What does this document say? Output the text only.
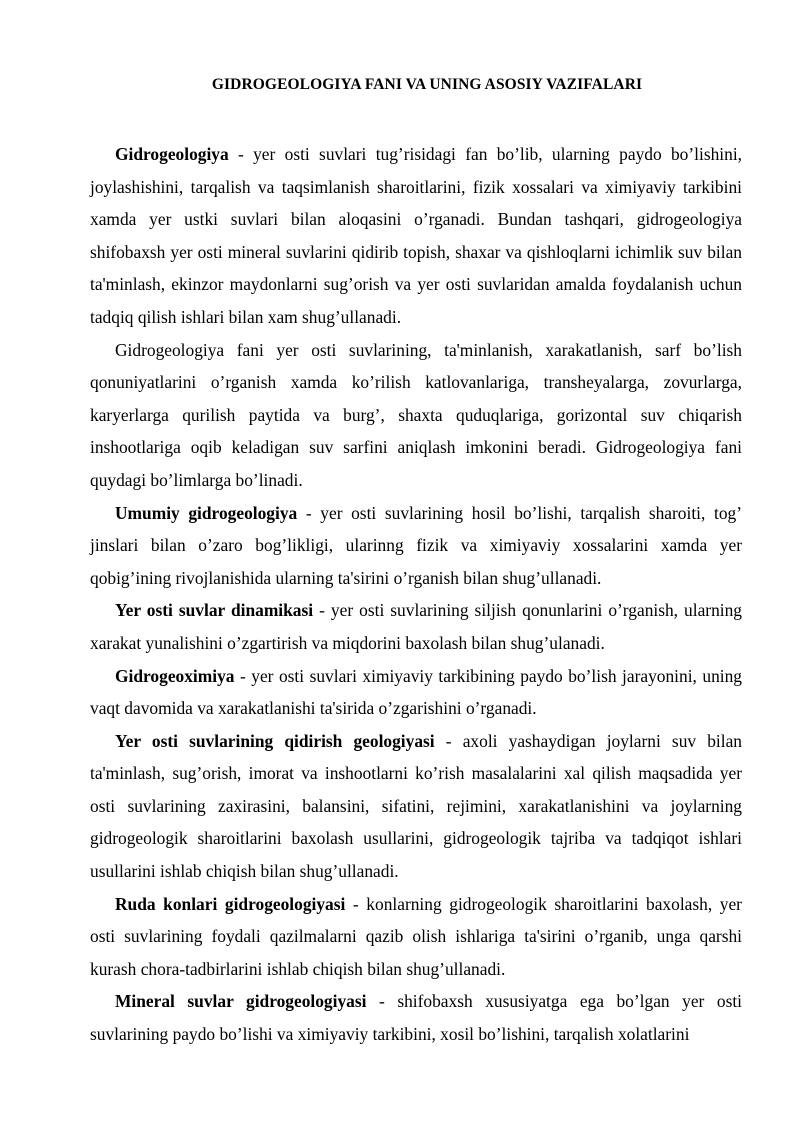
GIDROGEOLOGIYA FANI VA UNING ASOSIY VAZIFALARI

Gidrogeologiya - yer osti suvlari tug’risidagi fan bo’lib, ularning paydo bo’lishini, joylashishini, tarqalish va taqsimlanish sharoitlarini, fizik xossalari va ximiyaviy tarkibini xamda yer ustki suvlari bilan aloqasini o’rganadi. Bundan tashqari, gidrogeologiya shifobaxsh yer osti mineral suvlarini qidirib topish, shaxar va qishloqlarni ichimlik suv bilan ta'minlash, ekinzor maydonlarni sug’orish va yer osti suvlaridan amalda foydalanish uchun tadqiq qilish ishlari bilan xam shug’ullanadi.

Gidrogeologiya fani yer osti suvlarining, ta'minlanish, xarakatlanish, sarf bo’lish qonuniyatlarini o’rganish xamda ko’rilish katlovanlariga, transheyalarga, zovurlarga, karyerlarga qurilish paytida va burg’, shaxta quduqlariga, gorizontal suv chiqarish inshootlariga oqib keladigan suv sarfini aniqlash imkonini beradi. Gidrogeologiya fani quydagi bo’limlarga bo’linadi.

Umumiy gidrogeologiya - yer osti suvlarining hosil bo’lishi, tarqalish sharoiti, tog’ jinslari bilan o’zaro bog’likligi, ularinng fizik va ximiyaviy xossalarini xamda yer qobig’ining rivojlanishida ularning ta'sirini o’rganish bilan shug’ullanadi.

Yer osti suvlar dinamikasi - yer osti suvlarining siljish qonunlarini o’rganish, ularning xarakat yunalishini o’zgartirish va miqdorini baxolash bilan shug’ulanadi.

Gidrogeoximiya - yer osti suvlari ximiyaviy tarkibining paydo bo’lish jarayonini, uning vaqt davomida va xarakatlanishi ta'sirida o’zgarishini o’rganadi.

Yer osti suvlarining qidirish geologiyasi - axoli yashaydigan joylarni suv bilan ta'minlash, sug’orish, imorat va inshootlarni ko’rish masalalarini xal qilish maqsadida yer osti suvlarining zaxirasini, balansini, sifatini, rejimini, xarakatlanishini va joylarning gidrogeologik sharoitlarini baxolash usullarini, gidrogeologik tajriba va tadqiqot ishlari usullarini ishlab chiqish bilan shug’ullanadi.

Ruda konlari gidrogeologiyasi - konlarning gidrogeologik sharoitlarini baxolash, yer osti suvlarining foydali qazilmalarni qazib olish ishlariga ta'sirini o’rganib, unga qarshi kurash chora-tadbirlarini ishlab chiqish bilan shug’ullanadi.

Mineral suvlar gidrogeologiyasi - shifobaxsh xususiyatga ega bo’lgan yer osti suvlarining paydo bo’lishi va ximiyaviy tarkibini, xosil bo’lishini, tarqalish xolatlarini
